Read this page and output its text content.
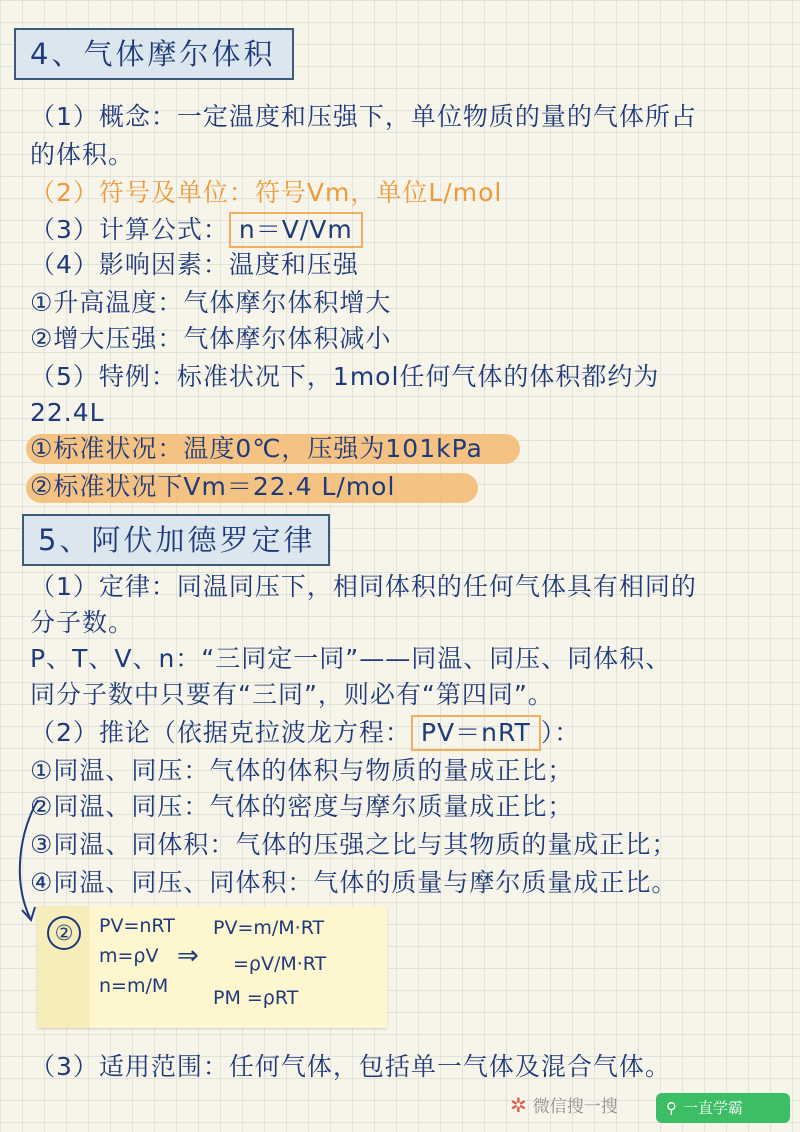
4、气体摩尔体积
（1）概念：一定温度和压强下，单位物质的量的气体所占
的体积。
（2）符号及单位：符号Vm，单位L/mol
（3）计算公式： n＝V/Vm
（4）影响因素：温度和压强
①升高温度：气体摩尔体积增大
②增大压强：气体摩尔体积减小
（5）特例：标准状况下，1mol任何气体的体积都约为
22.4L
①标准状况：温度0℃，压强为101kPa
②标准状况下Vm＝22.4 L/mol
5、阿伏加德罗定律
（1）定律：同温同压下，相同体积的任何气体具有相同的
分子数。
P、T、V、n：“三同定一同”——同温、同压、同体积、
同分子数中只要有“三同”，则必有“第四同”。
（2）推论（依据克拉波龙方程： PV＝nRT ）：
①同温、同压：气体的体积与物质的量成正比；
②同温、同压：气体的密度与摩尔质量成正比；
③同温、同体积：气体的压强之比与其物质的量成正比；
④同温、同压、同体积：气体的质量与摩尔质量成正比。
②	PV=nRT
m=ρV
n=m/M
⇒
PV=m/M·RT
=ρV/M·RT
PM =ρRT
（3）适用范围：任何气体，包括单一气体及混合气体。
✲ 微信搜一搜	⚲ 一直学霸
